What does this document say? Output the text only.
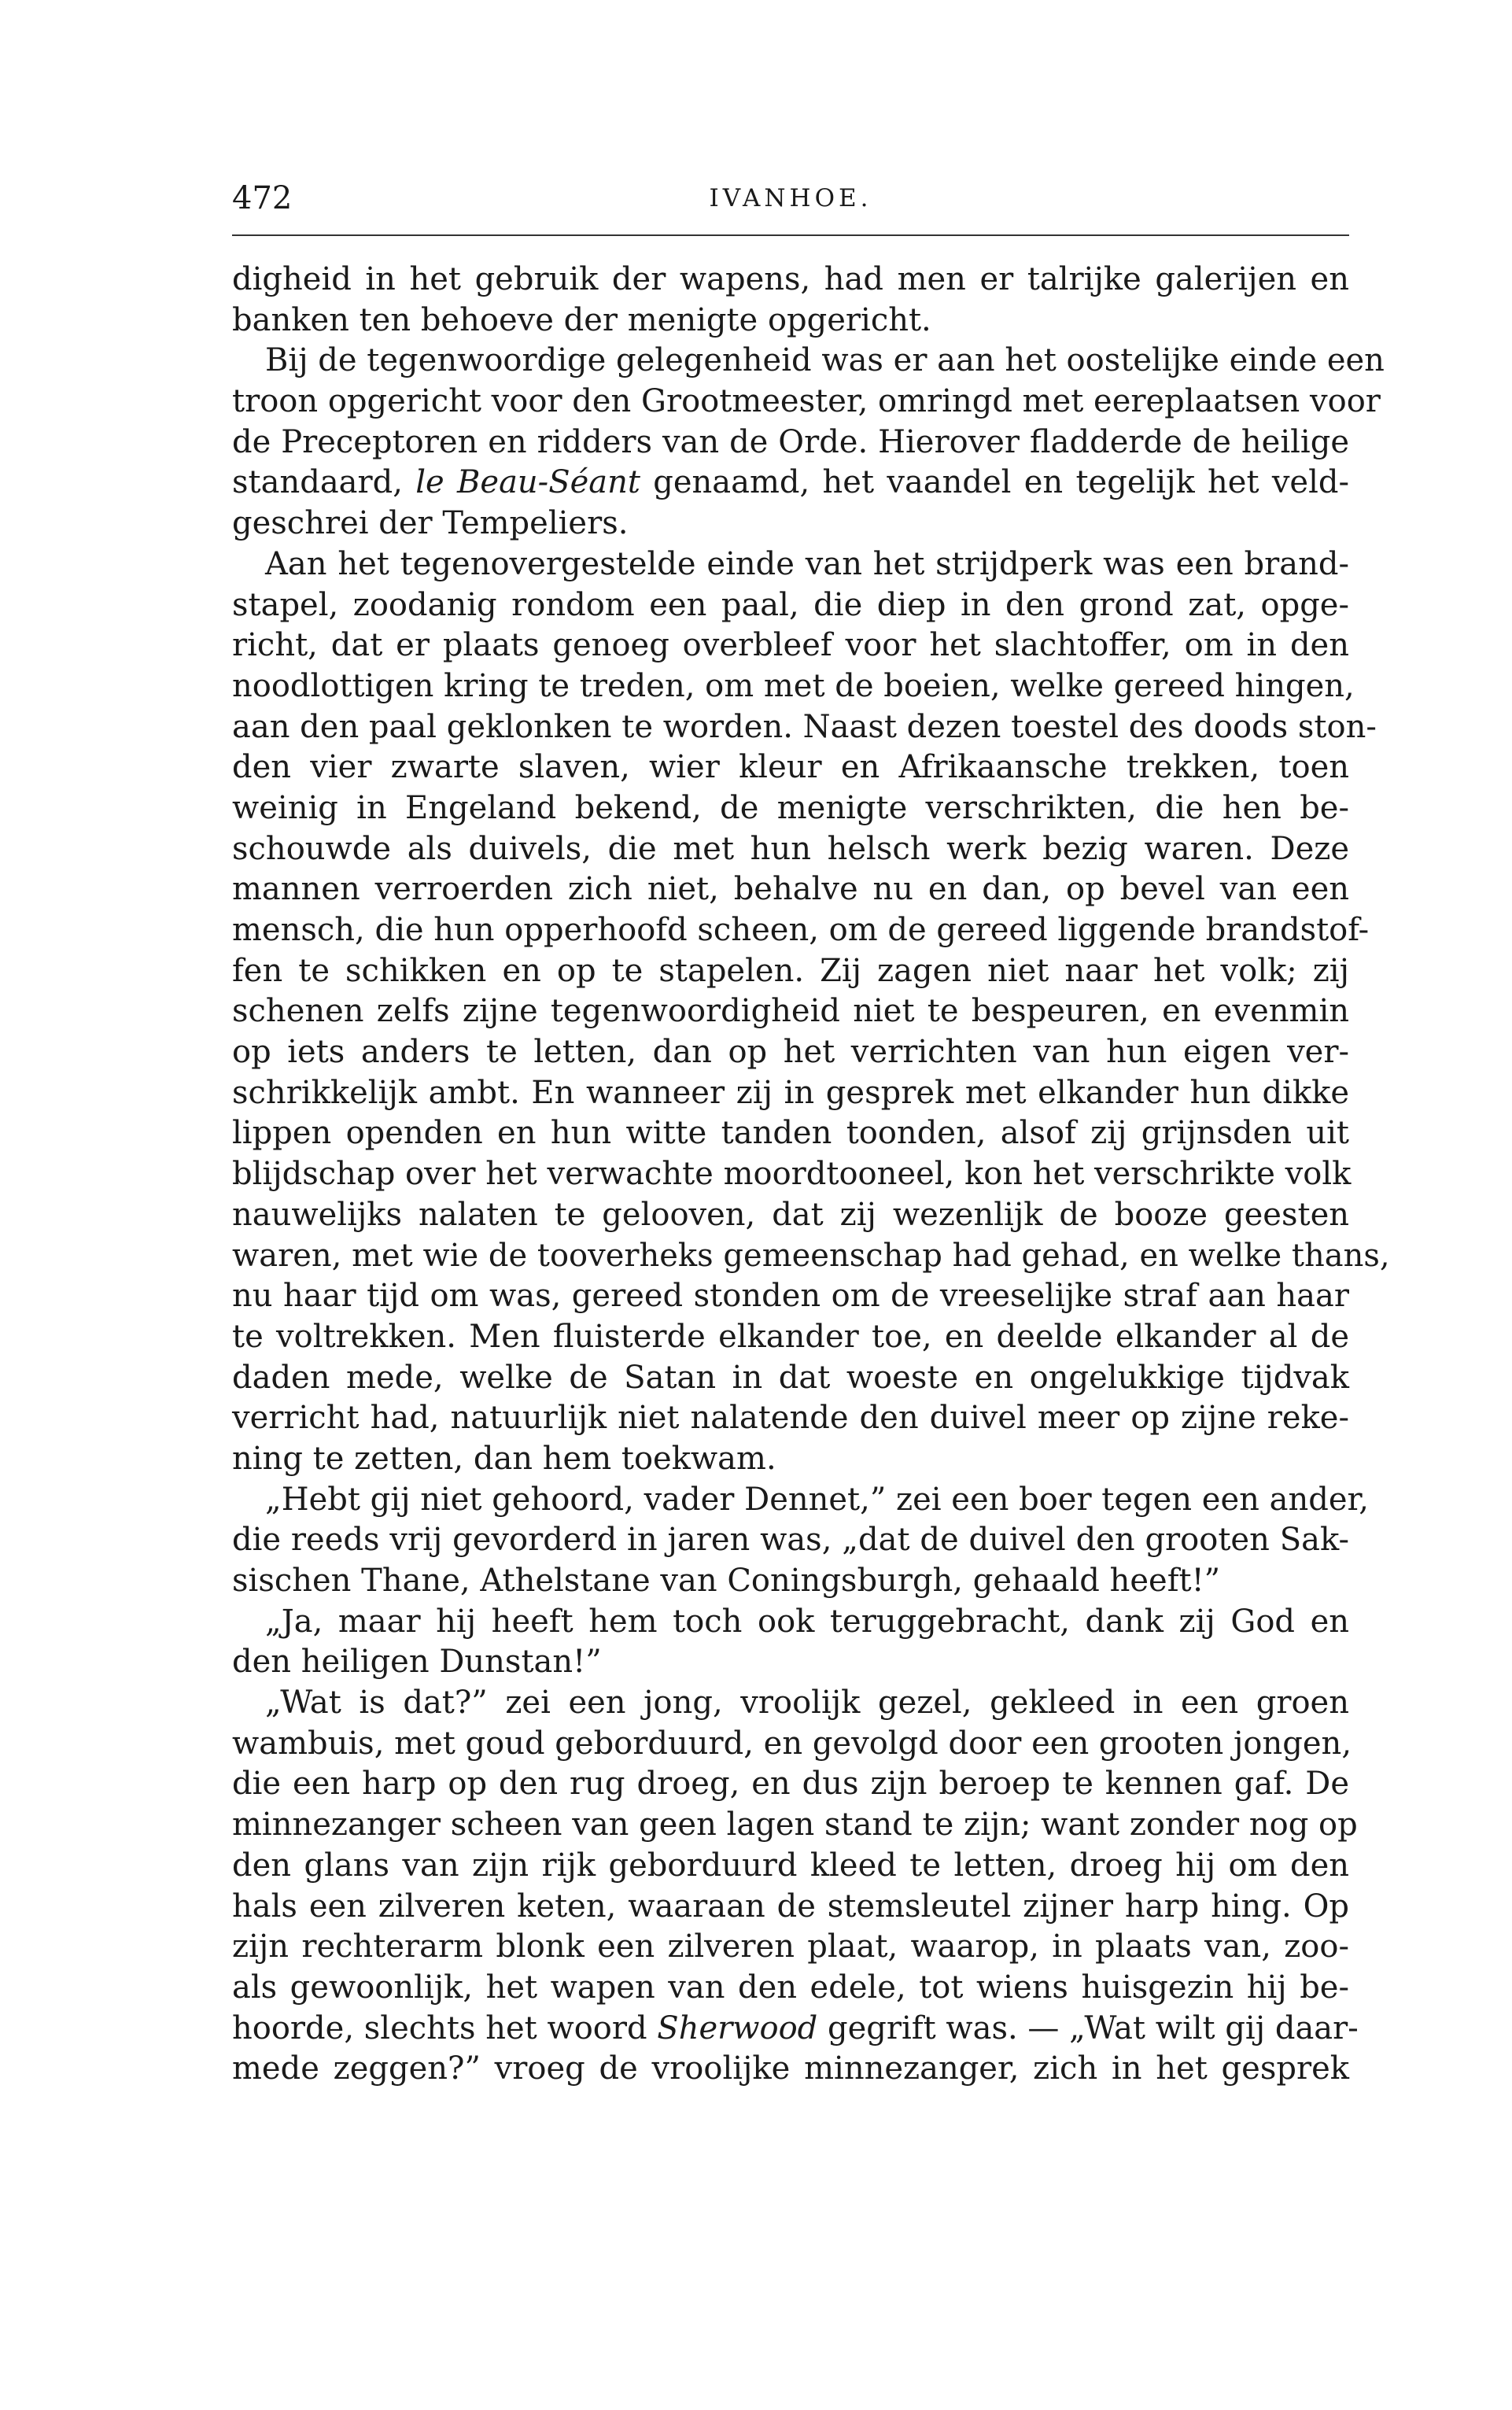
472	IVANHOE.
digheid in het gebruik der wapens, had men er talrijke galerijen en
banken ten behoeve der menigte opgericht.
Bij de tegenwoordige gelegenheid was er aan het oostelijke einde een
troon opgericht voor den Grootmeester, omringd met eereplaatsen voor
de Preceptoren en ridders van de Orde. Hierover fladderde de heilige
standaard, le Beau-Séant genaamd, het vaandel en tegelijk het veld-
geschrei der Tempeliers.
Aan het tegenovergestelde einde van het strijdperk was een brand-
stapel, zoodanig rondom een paal, die diep in den grond zat, opge-
richt, dat er plaats genoeg overbleef voor het slachtoffer, om in den
noodlottigen kring te treden, om met de boeien, welke gereed hingen,
aan den paal geklonken te worden. Naast dezen toestel des doods ston-
den vier zwarte slaven, wier kleur en Afrikaansche trekken, toen
weinig in Engeland bekend, de menigte verschrikten, die hen be-
schouwde als duivels, die met hun helsch werk bezig waren. Deze
mannen verroerden zich niet, behalve nu en dan, op bevel van een
mensch, die hun opperhoofd scheen, om de gereed liggende brandstof-
fen te schikken en op te stapelen. Zij zagen niet naar het volk; zij
schenen zelfs zijne tegenwoordigheid niet te bespeuren, en evenmin
op iets anders te letten, dan op het verrichten van hun eigen ver-
schrikkelijk ambt. En wanneer zij in gesprek met elkander hun dikke
lippen openden en hun witte tanden toonden, alsof zij grijnsden uit
blijdschap over het verwachte moordtooneel, kon het verschrikte volk
nauwelijks nalaten te gelooven, dat zij wezenlijk de booze geesten
waren, met wie de tooverheks gemeenschap had gehad, en welke thans,
nu haar tijd om was, gereed stonden om de vreeselijke straf aan haar
te voltrekken. Men fluisterde elkander toe, en deelde elkander al de
daden mede, welke de Satan in dat woeste en ongelukkige tijdvak
verricht had, natuurlijk niet nalatende den duivel meer op zijne reke-
ning te zetten, dan hem toekwam.
„Hebt gij niet gehoord, vader Dennet,” zei een boer tegen een ander,
die reeds vrij gevorderd in jaren was, „dat de duivel den grooten Sak-
sischen Thane, Athelstane van Coningsburgh, gehaald heeft!”
„Ja, maar hij heeft hem toch ook teruggebracht, dank zij God en
den heiligen Dunstan!”
„Wat is dat?” zei een jong, vroolijk gezel, gekleed in een groen
wambuis, met goud geborduurd, en gevolgd door een grooten jongen,
die een harp op den rug droeg, en dus zijn beroep te kennen gaf. De
minnezanger scheen van geen lagen stand te zijn; want zonder nog op
den glans van zijn rijk geborduurd kleed te letten, droeg hij om den
hals een zilveren keten, waaraan de stemsleutel zijner harp hing. Op
zijn rechterarm blonk een zilveren plaat, waarop, in plaats van, zoo-
als gewoonlijk, het wapen van den edele, tot wiens huisgezin hij be-
hoorde, slechts het woord Sherwood gegrift was. — „Wat wilt gij daar-
mede zeggen?” vroeg de vroolijke minnezanger, zich in het gesprek
